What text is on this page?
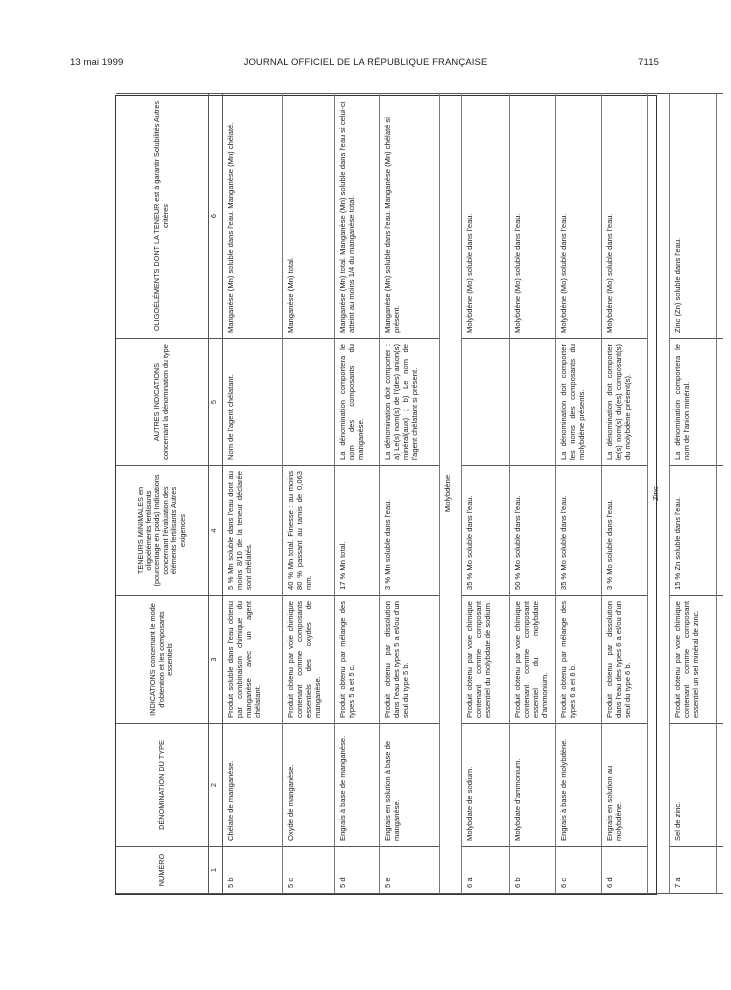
13 mai 1999	JOURNAL OFFICIEL DE LA RÉPUBLIQUE FRANÇAISE	7115
NUMÉRO	DÉNOMINATION DU TYPE	INDICATIONS concernant le mode d'obtention et les composants essentiels	TENEURS MINIMALES en oligoéléments fertilisants (pourcentage en poids) Indications concernant l'évaluation des éléments fertilisants Autres exigences	AUTRES INDICATIONS concernant la dénomination du type	OLIGOÉLÉMENTS DONT LA TENEUR est à garantir Solubilités Autres critères
1	2	3	4	5	6
5 b	Chélate de manganèse.	Produit soluble dans l'eau obtenu par combinaison chimique du manganèse avec un agent chélatant.	5 % Mn soluble dans l'eau dont au moins 8/10 de la teneur déclarée sont chélatés.	Nom de l'agent chélatant.	Manganèse (Mn) soluble dans l'eau. Manganèse (Mn) chélaté.
5 c	Oxyde de manganèse.	Produit obtenu par voie chimique contenant comme composants essentiels des oxydes de manganèse.	40 % Mn total. Finesse : au moins 80 % passant au tamis de 0,063 mm.		Manganèse (Mn) total.
5 d	Engrais à base de manganèse.	Produit obtenu par mélange des types 5 a et 5 c.	17 % Mn total.	La dénomination comportera le nom des composants du manganèse.	Manganèse (Mn) total. Manganèse (Mn) soluble dans l'eau si celui-ci atteint au moins 1/4 du manganèse total.
5 e	Engrais en solution à base de manganèse.	Produit obtenu par dissolution dans l'eau des types 5 a et/ou d'un seul du type 5 b.	3 % Mn soluble dans l'eau.	La dénomination doit comporter : a) Le(s) nom(s) de l'(des) anion(s) minéral(aux) ; b) Le nom de l'agent chélatant si présent.	Manganèse (Mn) soluble dans l'eau. Manganèse (Mn) chélaté si présent.
Molybdène					
6 a	Molybdate de sodium.	Produit obtenu par voie chimique contenant comme composant essentiel du molybdate de sodium.	35 % Mo soluble dans l'eau.		Molybdène (Mo) soluble dans l'eau.
6 b	Molybdate d'ammonium.	Produit obtenu par voie chimique contenant comme composant essentiel du molybdate d'ammonium.	50 % Mo soluble dans l'eau.		Molybdène (Mo) soluble dans l'eau.
6 c	Engrais à base de molybdène.	Produit obtenu par mélange des types 6 a et 6 b.	35 % Mo soluble dans l'eau.	La dénomination doit comporter les noms des composants du molybdène présents.	Molybdène (Mo) soluble dans l'eau.
6 d	Engrais en solution au molybdène.	Produit obtenu par dissolution dans l'eau des types 6 a et/ou d'un seul du type 6 b.	3 % Mo soluble dans l'eau.	La dénomination doit comporter le(s) nom(s) du(es) composant(s) du molybdène présent(s).	Molybdène (Mo) soluble dans l'eau.
Zinc					
7 a	Sel de zinc.	Produit obtenu par voie chimique contenant comme composant essentiel un sel minéral de zinc.	15 % Zn soluble dans l'eau.	La dénomination comportera le nom de l'anion minéral.	Zinc (Zn) soluble dans l'eau.
